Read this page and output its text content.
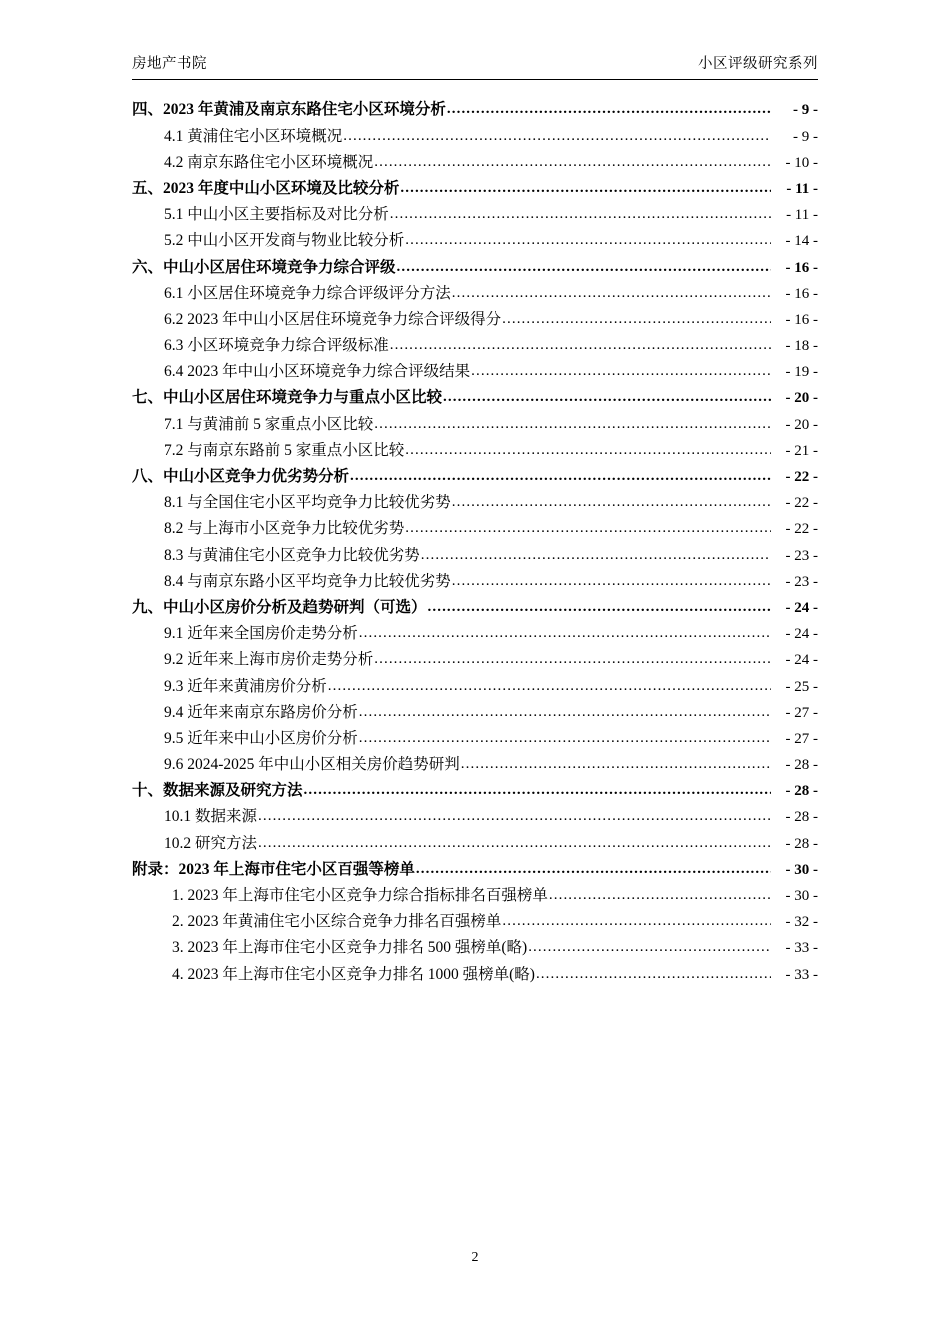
房地产书院	小区评级研究系列
四、2023 年黄浦及南京东路住宅小区环境分析 .....	- 9 -
4.1 黄浦住宅小区环境概况 .....	- 9 -
4.2 南京东路住宅小区环境概况 .....	- 10 -
五、2023 年度中山小区环境及比较分析 .....	- 11 -
5.1 中山小区主要指标及对比分析 .....	- 11 -
5.2 中山小区开发商与物业比较分析 .....	- 14 -
六、中山小区居住环境竞争力综合评级 .....	- 16 -
6.1 小区居住环境竞争力综合评级评分方法 .....	- 16 -
6.2 2023 年中山小区居住环境竞争力综合评级得分 .....	- 16 -
6.3 小区环境竞争力综合评级标准 .....	- 18 -
6.4 2023 年中山小区环境竞争力综合评级结果 .....	- 19 -
七、中山小区居住环境竞争力与重点小区比较 .....	- 20 -
7.1 与黄浦前 5 家重点小区比较 .....	- 20 -
7.2 与南京东路前 5 家重点小区比较 .....	- 21 -
八、中山小区竞争力优劣势分析 .....	- 22 -
8.1 与全国住宅小区平均竞争力比较优劣势 .....	- 22 -
8.2 与上海市小区竞争力比较优劣势 .....	- 22 -
8.3 与黄浦住宅小区竞争力比较优劣势 .....	- 23 -
8.4 与南京东路小区平均竞争力比较优劣势 .....	- 23 -
九、中山小区房价分析及趋势研判（可选） .....	- 24 -
9.1 近年来全国房价走势分析 .....	- 24 -
9.2 近年来上海市房价走势分析 .....	- 24 -
9.3 近年来黄浦房价分析 .....	- 25 -
9.4 近年来南京东路房价分析 .....	- 27 -
9.5 近年来中山小区房价分析 .....	- 27 -
9.6 2024-2025 年中山小区相关房价趋势研判 .....	- 28 -
十、数据来源及研究方法 .....	- 28 -
10.1 数据来源 .....	- 28 -
10.2 研究方法 .....	- 28 -
附录：2023 年上海市住宅小区百强等榜单 .....	- 30 -
1. 2023 年上海市住宅小区竞争力综合指标排名百强榜单 .....	- 30 -
2. 2023 年黄浦住宅小区综合竞争力排名百强榜单 .....	- 32 -
3. 2023 年上海市住宅小区竞争力排名 500 强榜单(略) .....	- 33 -
4. 2023 年上海市住宅小区竞争力排名 1000 强榜单(略) .....	- 33 -
2
